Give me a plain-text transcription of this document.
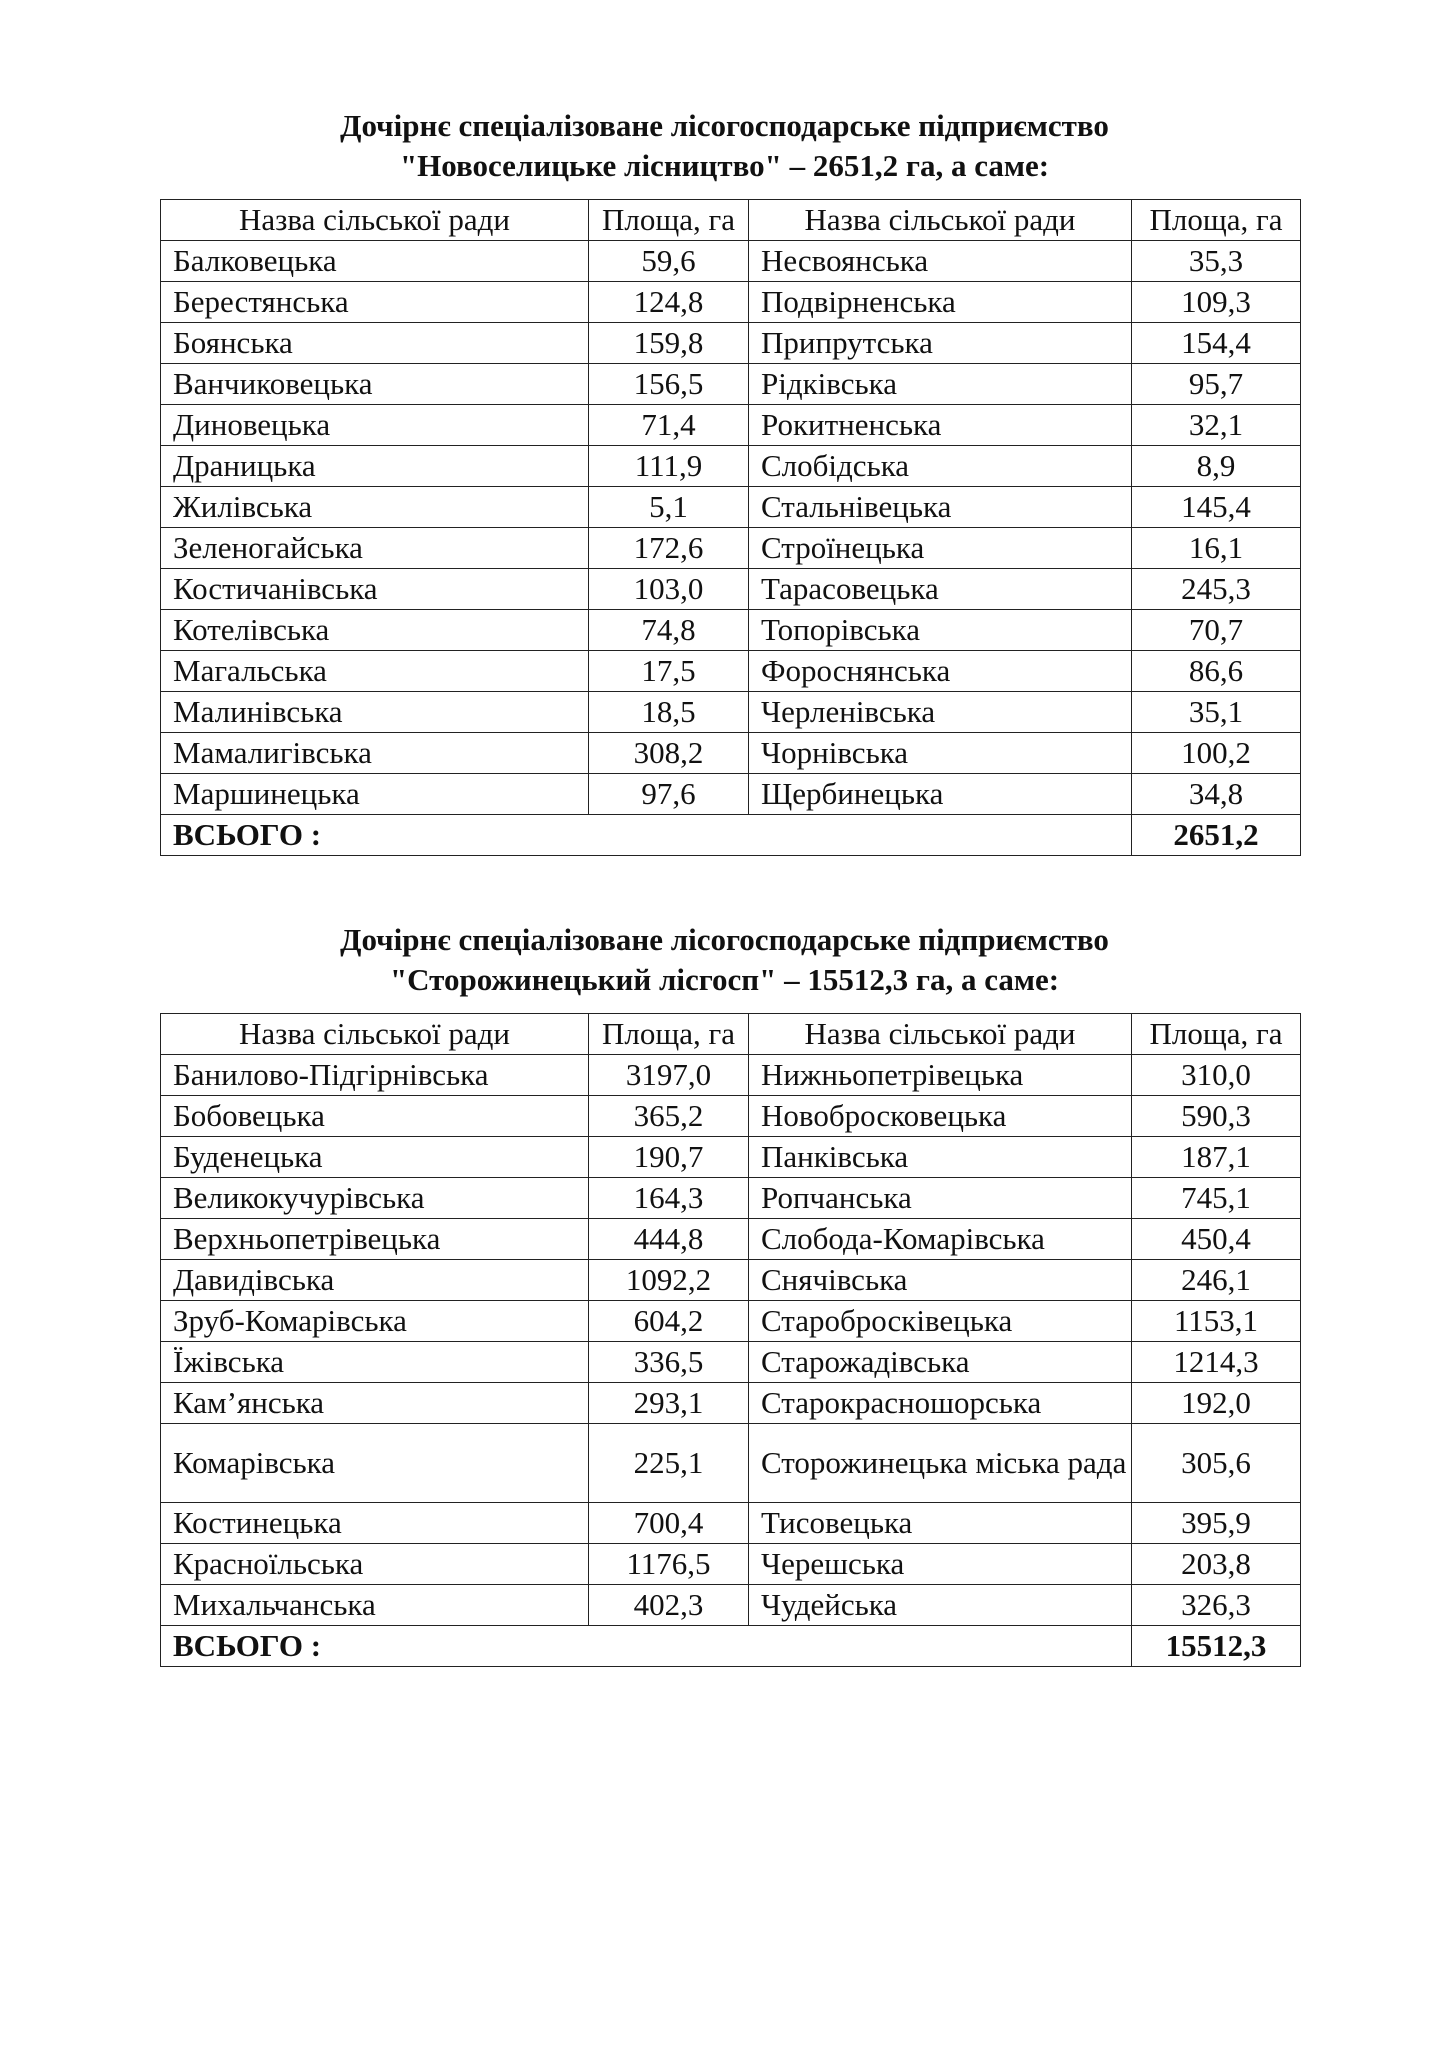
Дочірнє спеціалізоване лісогосподарське підприємство
"Новоселицьке лісництво" – 2651,2 га, а саме:
Назва сільської ради	Площа, га	Назва сільської ради	Площа, га
Балковецька	59,6	Несвоянська	35,3
Берестянська	124,8	Подвірненська	109,3
Боянська	159,8	Припрутська	154,4
Ванчиковецька	156,5	Рідківська	95,7
Диновецька	71,4	Рокитненська	32,1
Драницька	111,9	Слобідська	8,9
Жилівська	5,1	Стальнівецька	145,4
Зеленогайська	172,6	Строїнецька	16,1
Костичанівська	103,0	Тарасовецька	245,3
Котелівська	74,8	Топорівська	70,7
Магальська	17,5	Фороснянська	86,6
Малинівська	18,5	Черленівська	35,1
Мамалигівська	308,2	Чорнівська	100,2
Маршинецька	97,6	Щербинецька	34,8
ВСЬОГО :			2651,2
Дочірнє спеціалізоване лісогосподарське підприємство
"Сторожинецький лісгосп" – 15512,3 га, а саме:
Назва сільської ради	Площа, га	Назва сільської ради	Площа, га
Банилово-Підгірнівська	3197,0	Нижньопетрівецька	310,0
Бобовецька	365,2	Новобросковецька	590,3
Буденецька	190,7	Панківська	187,1
Великокучурівська	164,3	Ропчанська	745,1
Верхньопетрівецька	444,8	Слобода-Комарівська	450,4
Давидівська	1092,2	Снячівська	246,1
Зруб-Комарівська	604,2	Старобросківецька	1153,1
Їжівська	336,5	Старожадівська	1214,3
Кам’янська	293,1	Старокрасношорська	192,0
Комарівська	225,1	Сторожинецька міська рада	305,6
Костинецька	700,4	Тисовецька	395,9
Красноїльська	1176,5	Черешська	203,8
Михальчанська	402,3	Чудейська	326,3
ВСЬОГО :			15512,3
